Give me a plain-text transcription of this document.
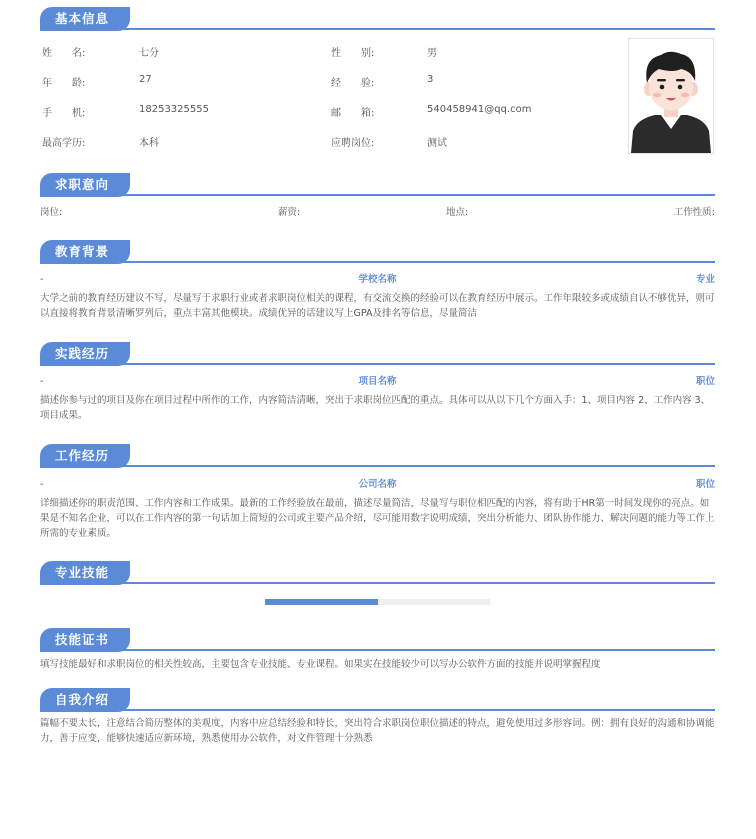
基本信息
姓　　名:	七分	性　　别:	男
年　　龄:	27	经　　验:	3
手　　机:	18253325555	邮　　箱:	540458941@qq.com
最高学历:	本科	应聘岗位:	测试
求职意向
岗位:	薪资:	地点:	工作性质:
教育背景
-	学校名称	专业
大学之前的教育经历建议不写，尽量写于求职行业或者求职岗位相关的课程，有交流交换的经验可以在教育经历中展示。工作年限较多或成绩自认不够优异，则可以直接将教育背景清晰罗列后，重点丰富其他模块。成绩优异的话建议写上GPA及排名等信息，尽量简洁
实践经历
-	项目名称	职位
描述你参与过的项目及你在项目过程中所作的工作，内容简洁清晰，突出于求职岗位匹配的重点。具体可以从以下几个方面入手：1、项目内容 2、工作内容 3、项目成果。
工作经历
-	公司名称	职位
详细描述你的职责范围、工作内容和工作成果。最新的工作经验放在最前，描述尽量简洁，尽量写与职位相匹配的内容，将有助于HR第一时间发现你的亮点。如果是不知名企业，可以在工作内容的第一句话加上简短的公司或主要产品介绍，尽可能用数字说明成绩，突出分析能力、团队协作能力、解决问题的能力等工作上所需的专业素质。
专业技能
技能证书
填写技能最好和求职岗位的相关性较高，主要包含专业技能、专业课程。如果实在技能较少可以写办公软件方面的技能并说明掌握程度
自我介绍
篇幅不要太长，注意结合简历整体的美观度，内容中应总结经验和特长，突出符合求职岗位职位描述的特点，避免使用过多形容词。例：拥有良好的沟通和协调能力，善于应变，能够快速适应新环境，熟悉使用办公软件，对文件管理十分熟悉
